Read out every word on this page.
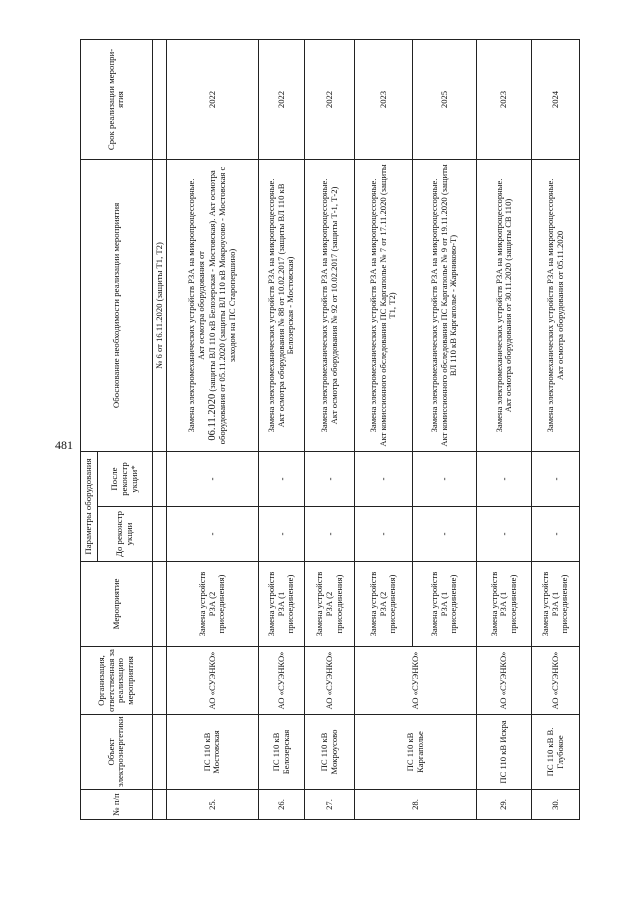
481
№ п/п	Объект электроэнергетики	Организация, ответственная за реализацию мероприятия	Мероприятие	Параметры оборудования		Обоснование необходимости реализации мероприятия	Срок реализации меропри-ятия
				До реконстр укции	После реконстр укции*		
						№ 6 от 16.11.2020 (защиты Т1, Т2)	
25.	ПС 110 кВ Мостовская	АО «СУЭНКО»	Замена устройств РЗА (2 присоединения)	-	-	Замена электромеханических устройств РЗА на микропроцессорные.
Акт осмотра оборудования от
06.11.2020 (защиты ВЛ 110 кВ Белозерская - Мостовская). Акт осмотра оборудования от 05.11.2020 (защиты ВЛ 110 кВ Мокроусово - Мостовская с заходом на ПС Старопершино)	2022
26.	ПС 110 кВ Белозерская	АО «СУЭНКО»	Замена устройств РЗА (1 присоединение)	-	-	Замена электромеханических устройств РЗА на микропроцессорные.
Акт осмотра оборудования № 88 от 10.02.2017 (защиты ВЛ 110 кВ Белозерская - Мостовская)	2022
27.	ПС 110 кВ Мокроусово	АО «СУЭНКО»	Замена устройств РЗА (2 присоединения)	-	-	Замена электромеханических устройств РЗА на микропроцессорные.
Акт осмотра оборудования № 92 от 10.02.2017 (защиты Т-1, Т-2)	2022
28.	ПС 110 кВ Каргаполье	АО «СУЭНКО»	Замена устройств РЗА (2 присоединения)	-	-	Замена электромеханических устройств РЗА на микропроцессорные.
Акт комиссионного обследования ПС Каргаполье № 7 от 17.11.2020 (защиты Т1, Т2)	2023
			Замена устройств РЗА (1 присоединение)	-	-	Замена электромеханических устройств РЗА на микропроцессорные.
Акт комиссионного обследования ПС Каргаполье № 9 от 19.11.2020 (защиты ВЛ 110 кВ Каргаполье - Жарниково-Т)	2025
29.	ПС 110 кВ Искра	АО «СУЭНКО»	Замена устройств РЗА (1 присоединение)	-	-	Замена электромеханических устройств РЗА на микропроцессорные.
Акт осмотра оборудования от 30.11.2020 (защиты СВ 110)	2023
30.	ПС 110 кВ В. Глубокое	АО «СУЭНКО»	Замена устройств РЗА (1 присоединение)	-	-	Замена электромеханических устройств РЗА на микропроцессорные.
Акт осмотра оборудования от 05.11.2020	2024
